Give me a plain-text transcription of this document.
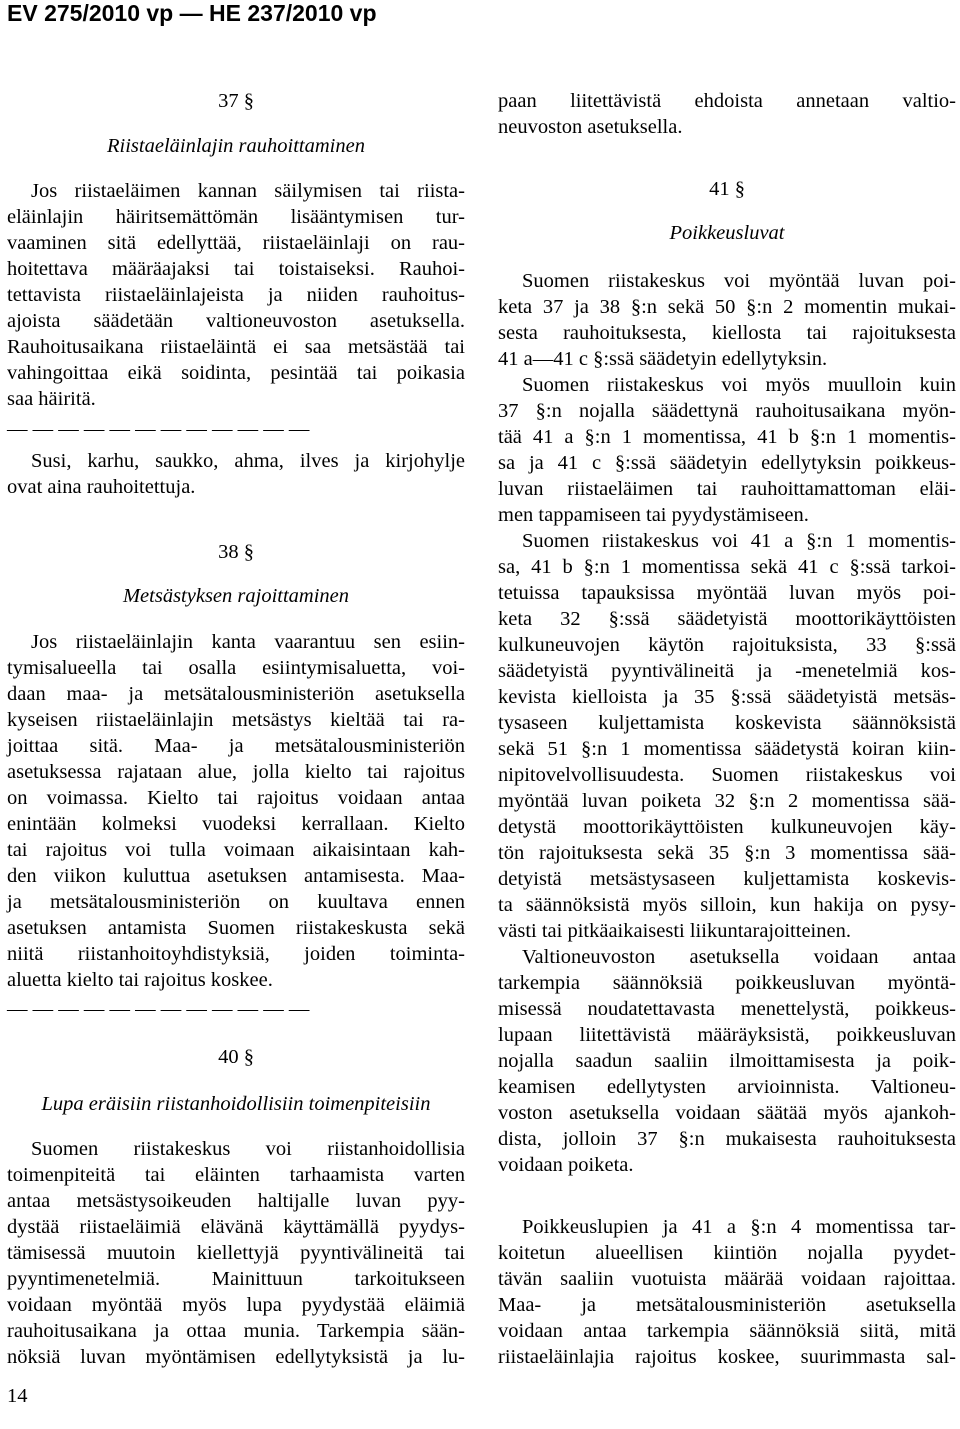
EV 275/2010 vp — HE 237/2010 vp
37 §
Riistaeläinlajin rauhoittaminen
Jos riistaeläimen kannan säilymisen tai riista-
eläinlajin häiritsemättömän lisääntymisen tur-
vaaminen sitä edellyttää, riistaeläinlaji on rau-
hoitettava määräajaksi tai toistaiseksi. Rauhoi-
tettavista riistaeläinlajeista ja niiden rauhoitus-
ajoista säädetään valtioneuvoston asetuksella.
Rauhoitusaikana riistaeläintä ei saa metsästää tai
vahingoittaa eikä soidinta, pesintää tai poikasia
saa häiritä.
— — — — — — — — — — — —
Susi, karhu, saukko, ahma, ilves ja kirjohylje
ovat aina rauhoitettuja.
38 §
Metsästyksen rajoittaminen
Jos riistaeläinlajin kanta vaarantuu sen esiin-
tymisalueella tai osalla esiintymisaluetta, voi-
daan maa- ja metsätalousministeriön asetuksella
kyseisen riistaeläinlajin metsästys kieltää tai ra-
joittaa sitä. Maa- ja metsätalousministeriön
asetuksessa rajataan alue, jolla kielto tai rajoitus
on voimassa. Kielto tai rajoitus voidaan antaa
enintään kolmeksi vuodeksi kerrallaan. Kielto
tai rajoitus voi tulla voimaan aikaisintaan kah-
den viikon kuluttua asetuksen antamisesta. Maa-
ja metsätalousministeriön on kuultava ennen
asetuksen antamista Suomen riistakeskusta sekä
niitä riistanhoitoyhdistyksiä, joiden toiminta-
aluetta kielto tai rajoitus koskee.
— — — — — — — — — — — —
40 §
Lupa eräisiin riistanhoidollisiin toimenpiteisiin
Suomen riistakeskus voi riistanhoidollisia
toimenpiteitä tai eläinten tarhaamista varten
antaa metsästysoikeuden haltijalle luvan pyy-
dystää riistaeläimiä elävänä käyttämällä pyydys-
tämisessä muutoin kiellettyjä pyyntivälineitä tai
pyyntimenetelmiä. Mainittuun tarkoitukseen
voidaan myöntää myös lupa pyydystää eläimiä
rauhoitusaikana ja ottaa munia. Tarkempia sään-
nöksiä luvan myöntämisen edellytyksistä ja lu-
paan liitettävistä ehdoista annetaan valtio-
neuvoston asetuksella.
41 §
Poikkeusluvat
Suomen riistakeskus voi myöntää luvan poi-
keta 37 ja 38 §:n sekä 50 §:n 2 momentin mukai-
sesta rauhoituksesta, kiellosta tai rajoituksesta
41 a—41 c §:ssä säädetyin edellytyksin.
Suomen riistakeskus voi myös muulloin kuin
37 §:n nojalla säädettynä rauhoitusaikana myön-
tää 41 a §:n 1 momentissa, 41 b §:n 1 momentis-
sa ja 41 c §:ssä säädetyin edellytyksin poikkeus-
luvan riistaeläimen tai rauhoittamattoman eläi-
men tappamiseen tai pyydystämiseen.
Suomen riistakeskus voi 41 a §:n 1 momentis-
sa, 41 b §:n 1 momentissa sekä 41 c §:ssä tarkoi-
tetuissa tapauksissa myöntää luvan myös poi-
keta 32 §:ssä säädetyistä moottorikäyttöisten
kulkuneuvojen käytön rajoituksista, 33 §:ssä
säädetyistä pyyntivälineitä ja -menetelmiä kos-
kevista kielloista ja 35 §:ssä säädetyistä metsäs-
tysaseen kuljettamista koskevista säännöksistä
sekä 51 §:n 1 momentissa säädetystä koiran kiin-
nipitovelvollisuudesta. Suomen riistakeskus voi
myöntää luvan poiketa 32 §:n 2 momentissa sää-
detystä moottorikäyttöisten kulkuneuvojen käy-
tön rajoituksesta sekä 35 §:n 3 momentissa sää-
detyistä metsästysaseen kuljettamista koskevis-
ta säännöksistä myös silloin, kun hakija on pysy-
västi tai pitkäaikaisesti liikuntarajoitteinen.
Valtioneuvoston asetuksella voidaan antaa
tarkempia säännöksiä poikkeusluvan myöntä-
misessä noudatettavasta menettelystä, poikkeus-
lupaan liitettävistä määräyksistä, poikkeusluvan
nojalla saadun saaliin ilmoittamisesta ja poik-
keamisen edellytysten arvioinnista. Valtioneu-
voston asetuksella voidaan säätää myös ajankoh-
dista, jolloin 37 §:n mukaisesta rauhoituksesta
voidaan poiketa.
Poikkeuslupien ja 41 a §:n 4 momentissa tar-
koitetun alueellisen kiintiön nojalla pyydet-
tävän saaliin vuotuista määrää voidaan rajoittaa.
Maa- ja metsätalousministeriön asetuksella
voidaan antaa tarkempia säännöksiä siitä, mitä
riistaeläinlajia rajoitus koskee, suurimmasta sal-
14
